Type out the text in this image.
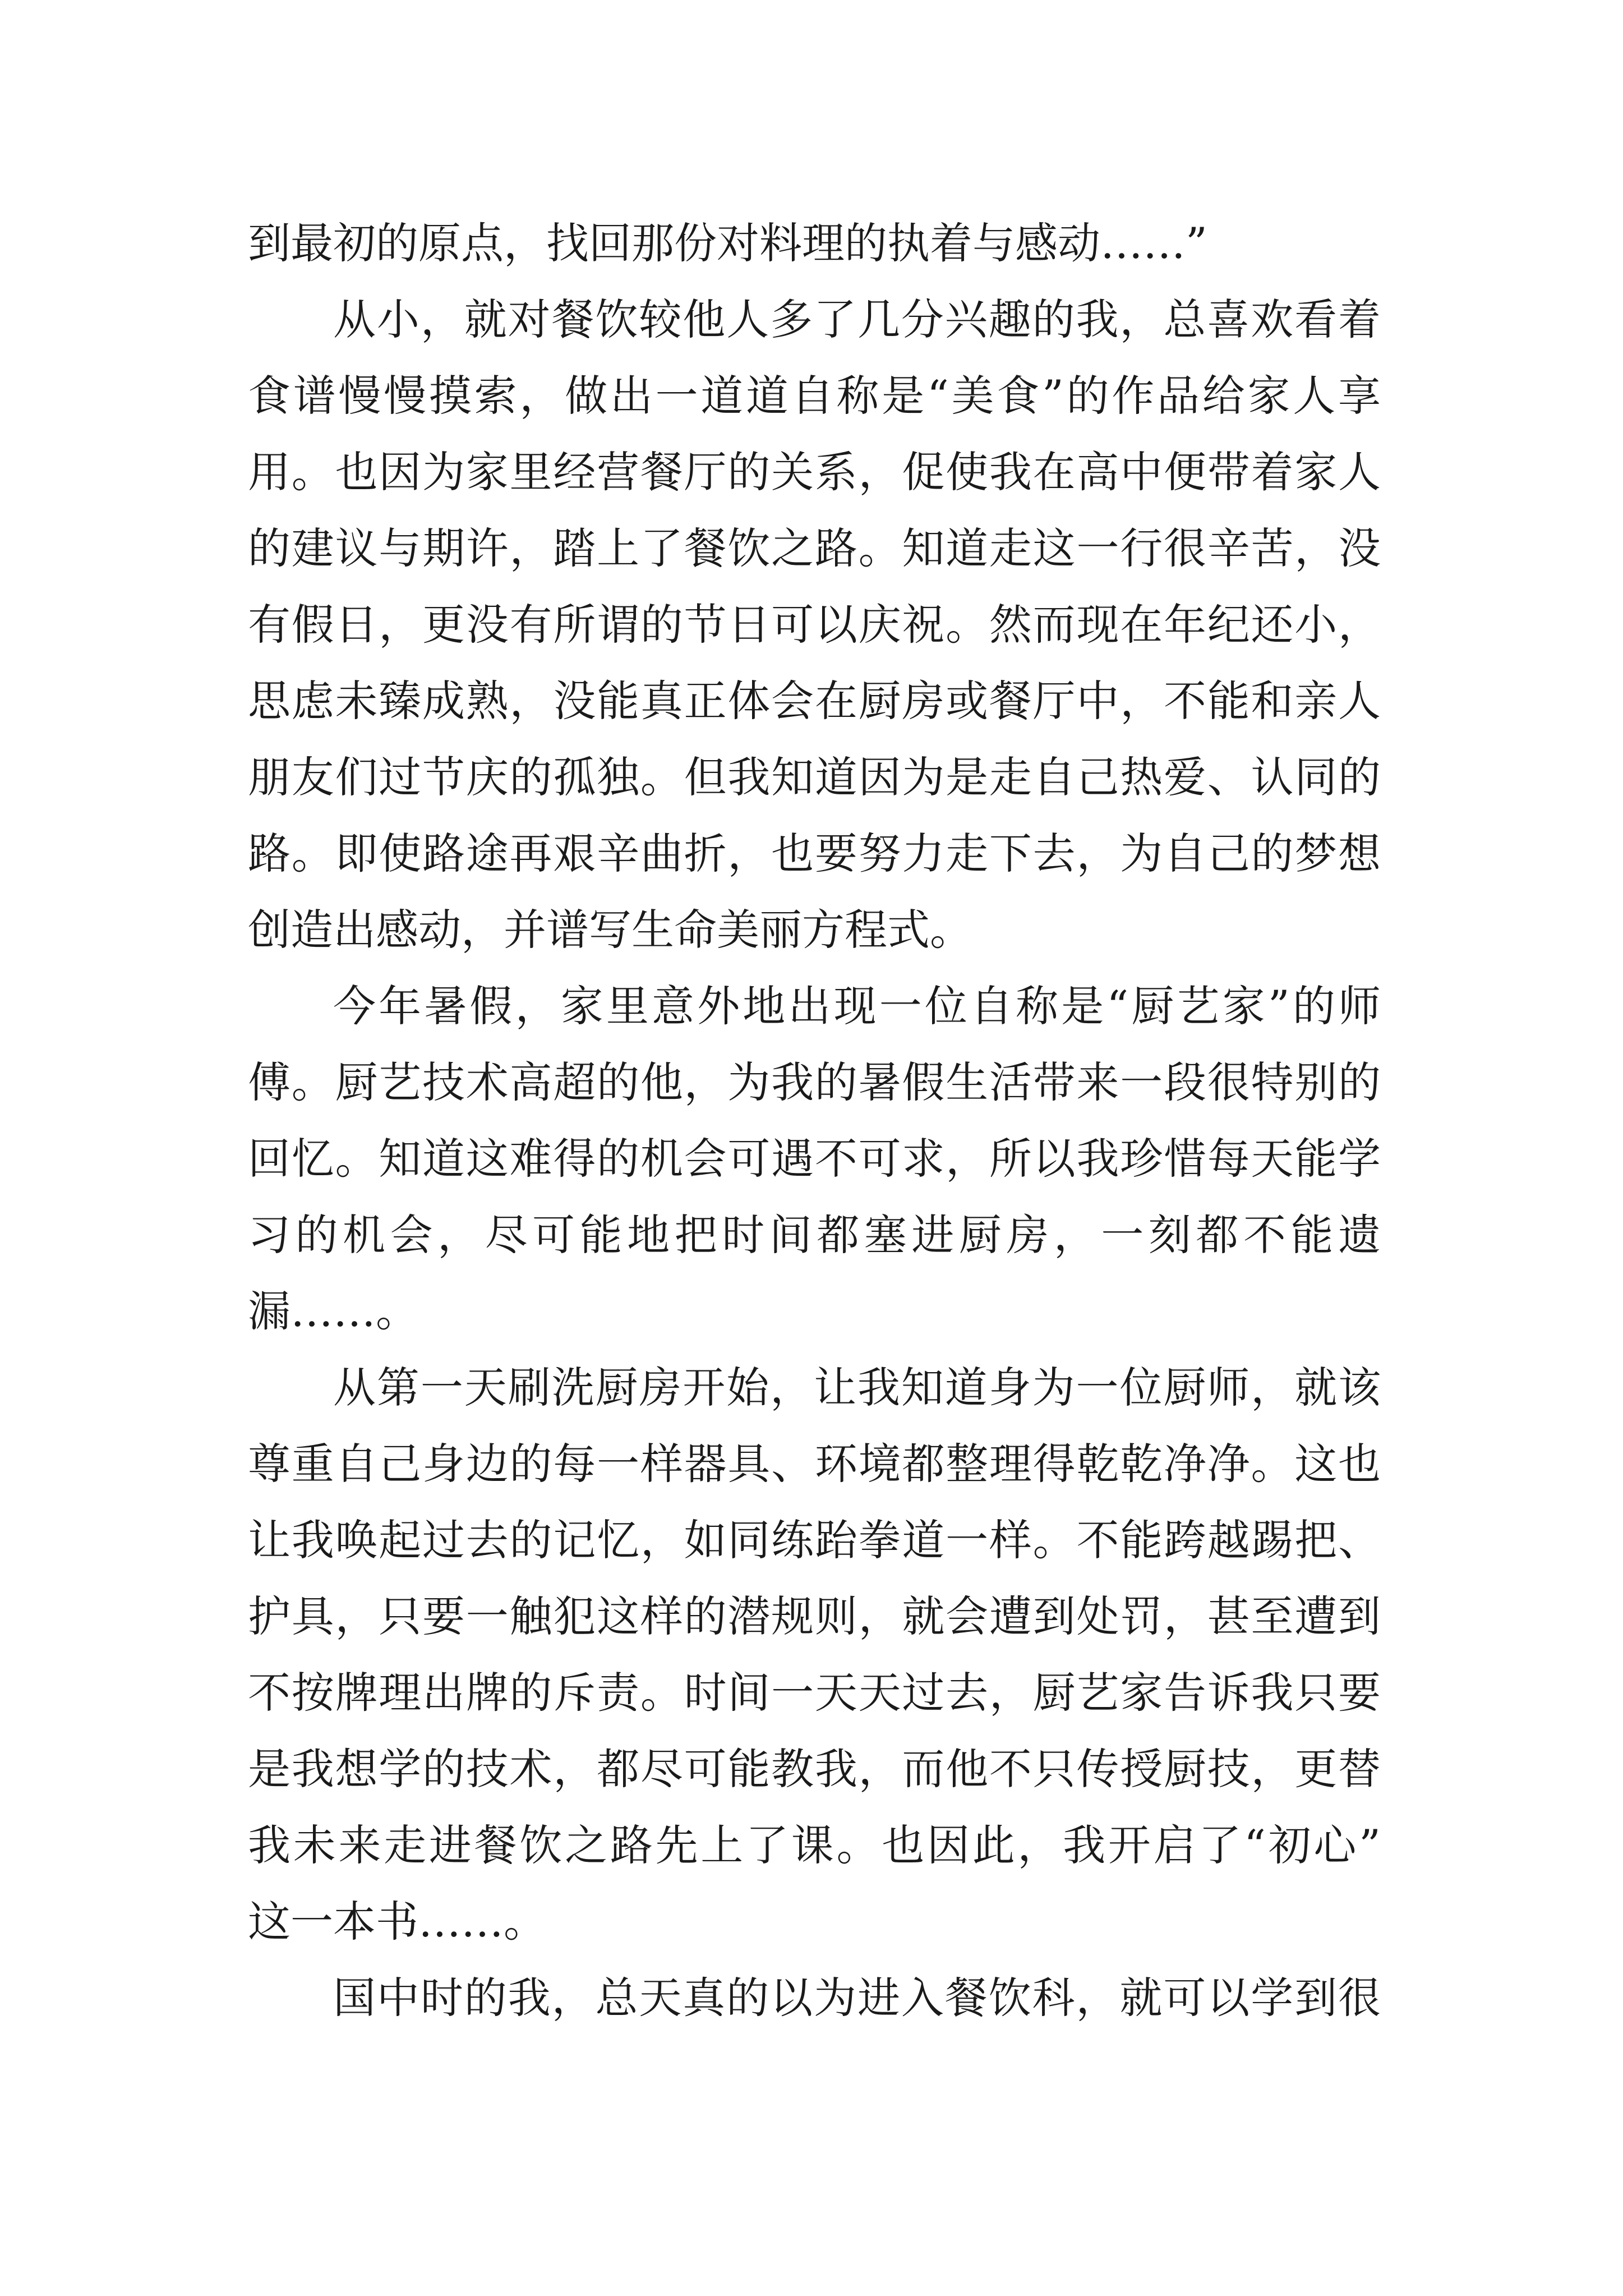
到最初的原点，找回那份对料理的执着与感动……”
从小，就对餐饮较他人多了几分兴趣的我，总喜欢看着
食谱慢慢摸索，做出一道道自称是“美食”的作品给家人享
用。也因为家里经营餐厅的关系，促使我在高中便带着家人
的建议与期许，踏上了餐饮之路。知道走这一行很辛苦，没
有假日，更没有所谓的节日可以庆祝。然而现在年纪还小，
思虑未臻成熟，没能真正体会在厨房或餐厅中，不能和亲人
朋友们过节庆的孤独。但我知道因为是走自己热爱、认同的
路。即使路途再艰辛曲折，也要努力走下去，为自己的梦想
创造出感动，并谱写生命美丽方程式。
今年暑假，家里意外地出现一位自称是“厨艺家”的师
傅。厨艺技术高超的他，为我的暑假生活带来一段很特别的
回忆。知道这难得的机会可遇不可求，所以我珍惜每天能学
习的机会，尽可能地把时间都塞进厨房，一刻都不能遗
漏……。
从第一天刷洗厨房开始，让我知道身为一位厨师，就该
尊重自己身边的每一样器具、环境都整理得乾乾净净。这也
让我唤起过去的记忆，如同练跆拳道一样。不能跨越踢把、
护具，只要一触犯这样的潜规则，就会遭到处罚，甚至遭到
不按牌理出牌的斥责。时间一天天过去，厨艺家告诉我只要
是我想学的技术，都尽可能教我，而他不只传授厨技，更替
我未来走进餐饮之路先上了课。也因此，我开启了“初心”
这一本书……。
国中时的我，总天真的以为进入餐饮科，就可以学到很
